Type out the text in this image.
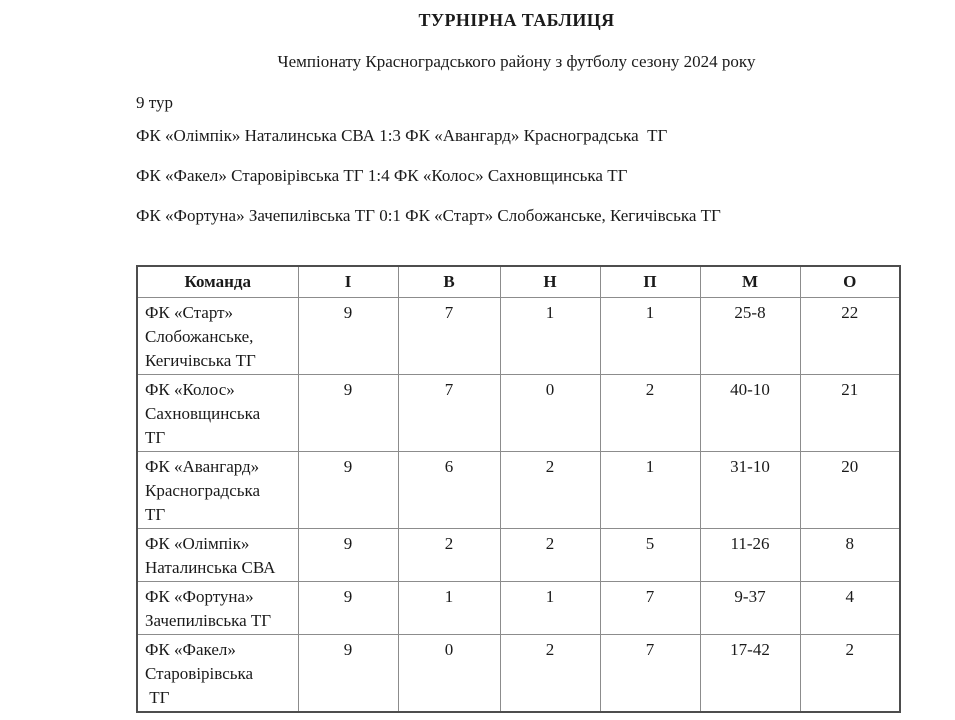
ТУРНІРНА ТАБЛИЦЯ

Чемпіонату Красноградського району з футболу сезону 2024 року

9 тур

ФК «Олімпік» Наталинська СВА 1:3 ФК «Авангард» Красноградська  ТГ

ФК «Факел» Старовірівська ТГ 1:4 ФК «Колос» Сахновщинська ТГ

ФК «Фортуна» Зачепилівська ТГ 0:1 ФК «Старт» Слобожанське, Кегичівська ТГ

Команда	І	В	Н	П	М	О

ФК «Старт»
Слобожанське,
Кегичівська ТГ	9	7	1	1	25-8	22

ФК «Колос»
Сахновщинська
ТГ	9	7	0	2	40-10	21

ФК «Авангард»
Красноградська
ТГ	9	6	2	1	31-10	20

ФК «Олімпік»
Наталинська СВА	9	2	2	5	11-26	8

ФК «Фортуна»
Зачепилівська ТГ	9	1	1	7	9-37	4

ФК «Факел»
Старовірівська
ТГ	9	0	2	7	17-42	2
